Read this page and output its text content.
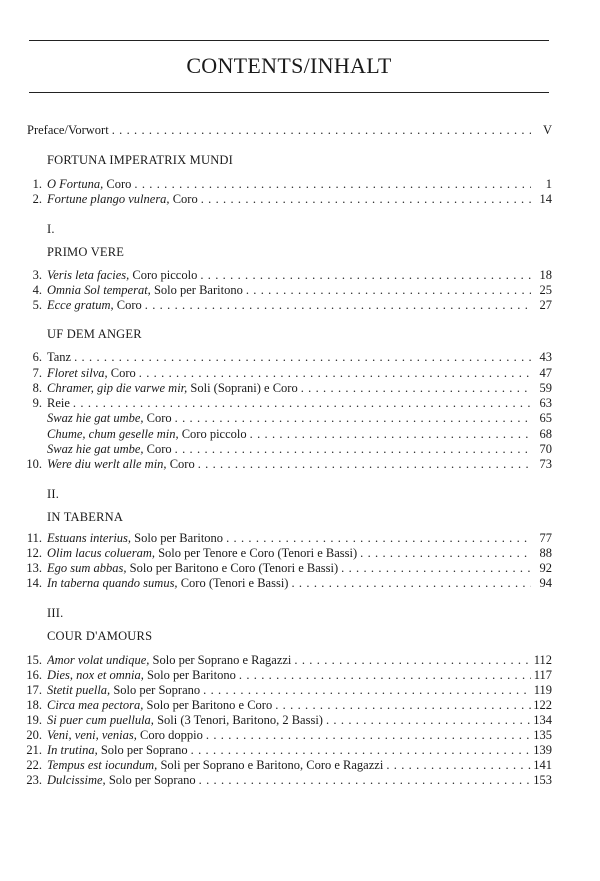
CONTENTS/INHALT
Preface/Vorwort . . .	V
FORTUNA IMPERATRIX MUNDI
1. O Fortuna, Coro . . .	1
2. Fortune plango vulnera, Coro . . .	14
I.
PRIMO VERE
3. Veris leta facies, Coro piccolo . . .	18
4. Omnia Sol temperat, Solo per Baritono . . .	25
5. Ecce gratum, Coro . . .	27
UF DEM ANGER
6. Tanz . . .	43
7. Floret silva, Coro . . .	47
8. Chramer, gip die varwe mir, Soli (Soprani) e Coro . . .	59
9. Reie . . .	63
Swaz hie gat umbe, Coro . . .	65
Chume, chum geselle min, Coro piccolo . . .	68
Swaz hie gat umbe, Coro . . .	70
10. Were diu werlt alle min, Coro . . .	73
II.
IN TABERNA
11. Estuans interius, Solo per Baritono . . .	77
12. Olim lacus colueram, Solo per Tenore e Coro (Tenori e Bassi) . . .	88
13. Ego sum abbas, Solo per Baritono e Coro (Tenori e Bassi) . . .	92
14. In taberna quando sumus, Coro (Tenori e Bassi) . . .	94
III.
COUR D'AMOURS
15. Amor volat undique, Solo per Soprano e Ragazzi . . .	112
16. Dies, nox et omnia, Solo per Baritono . . .	117
17. Stetit puella, Solo per Soprano . . .	119
18. Circa mea pectora, Solo per Baritono e Coro . . .	122
19. Si puer cum puellula, Soli (3 Tenori, Baritono, 2 Bassi) . . .	134
20. Veni, veni, venias, Coro doppio . . .	135
21. In trutina, Solo per Soprano . . .	139
22. Tempus est iocundum, Soli per Soprano e Baritono, Coro e Ragazzi . . .	141
23. Dulcissime, Solo per Soprano . . .	153
